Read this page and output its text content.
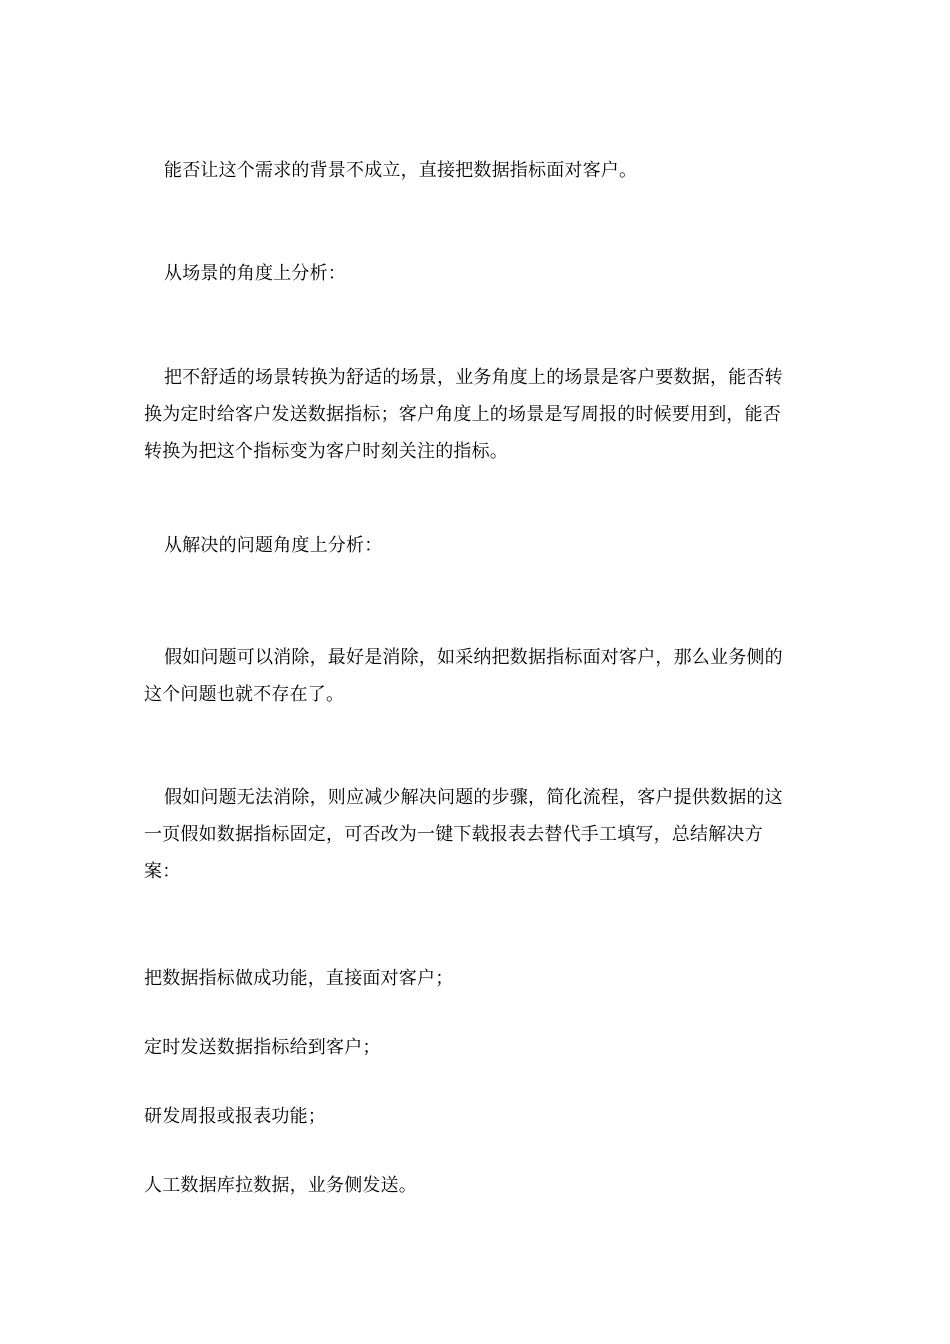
能否让这个需求的背景不成立，直接把数据指标面对客户。

从场景的角度上分析：

把不舒适的场景转换为舒适的场景，业务角度上的场景是客户要数据，能否转换为定时给客户发送数据指标；客户角度上的场景是写周报的时候要用到，能否转换为把这个指标变为客户时刻关注的指标。

从解决的问题角度上分析：

假如问题可以消除，最好是消除，如采纳把数据指标面对客户，那么业务侧的这个问题也就不存在了。

假如问题无法消除，则应减少解决问题的步骤，简化流程，客户提供数据的这一页假如数据指标固定，可否改为一键下载报表去替代手工填写，总结解决方案：

把数据指标做成功能，直接面对客户；

定时发送数据指标给到客户；

研发周报或报表功能；

人工数据库拉数据，业务侧发送。
